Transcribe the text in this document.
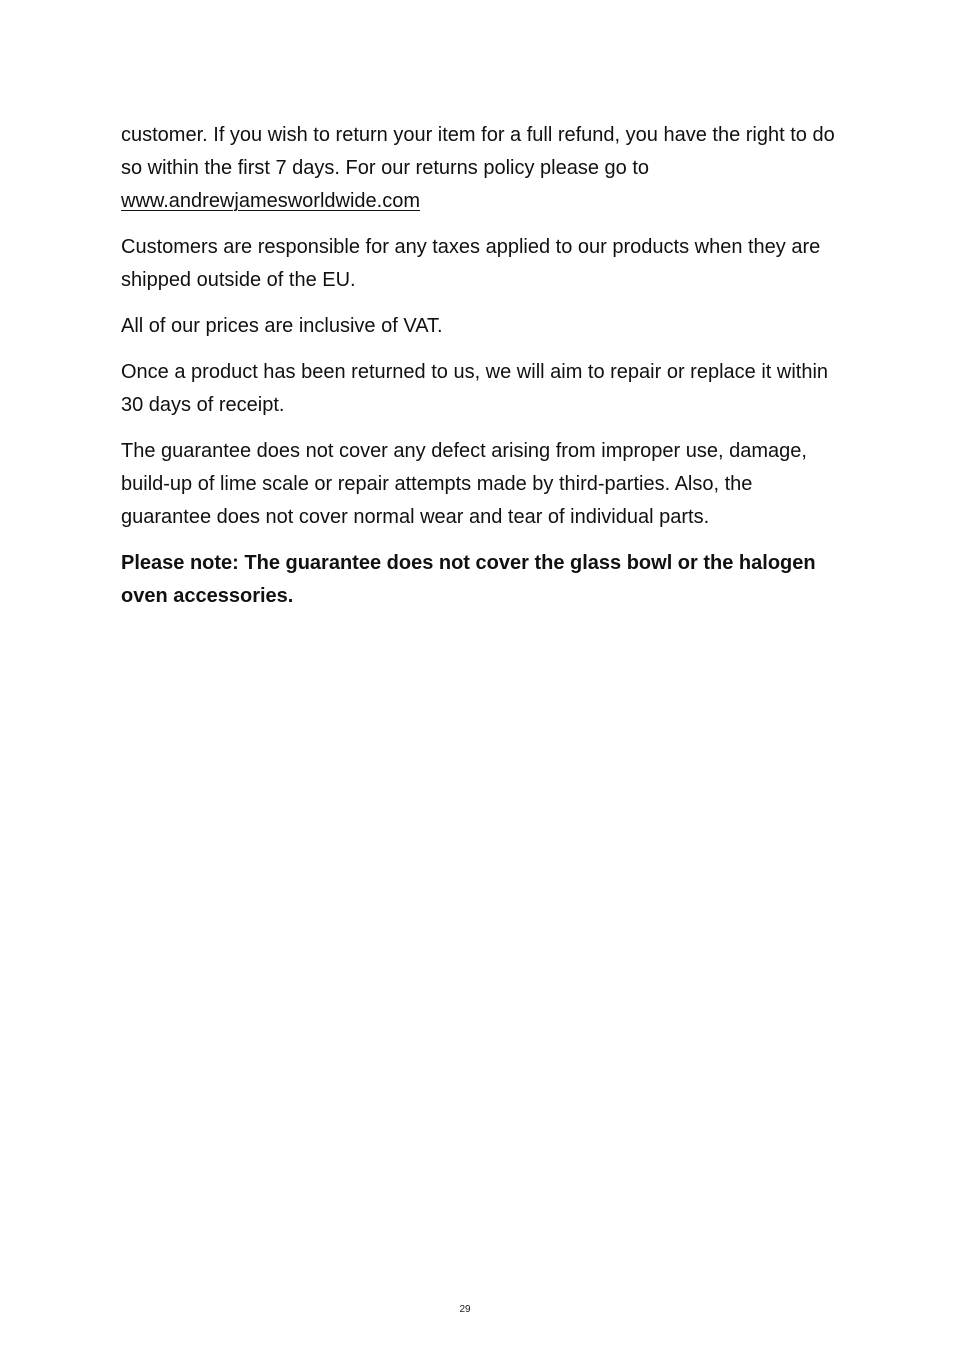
customer. If you wish to return your item for a full refund, you have the right to do so within the first 7 days. For our returns policy please go to
www.andrewjamesworldwide.com

Customers are responsible for any taxes applied to our products when they are shipped outside of the EU.

All of our prices are inclusive of VAT.

Once a product has been returned to us, we will aim to repair or replace it within 30 days of receipt.

The guarantee does not cover any defect arising from improper use, damage, build-up of lime scale or repair attempts made by third-parties. Also, the guarantee does not cover normal wear and tear of individual parts.

Please note: The guarantee does not cover the glass bowl or the halogen oven accessories.

29
